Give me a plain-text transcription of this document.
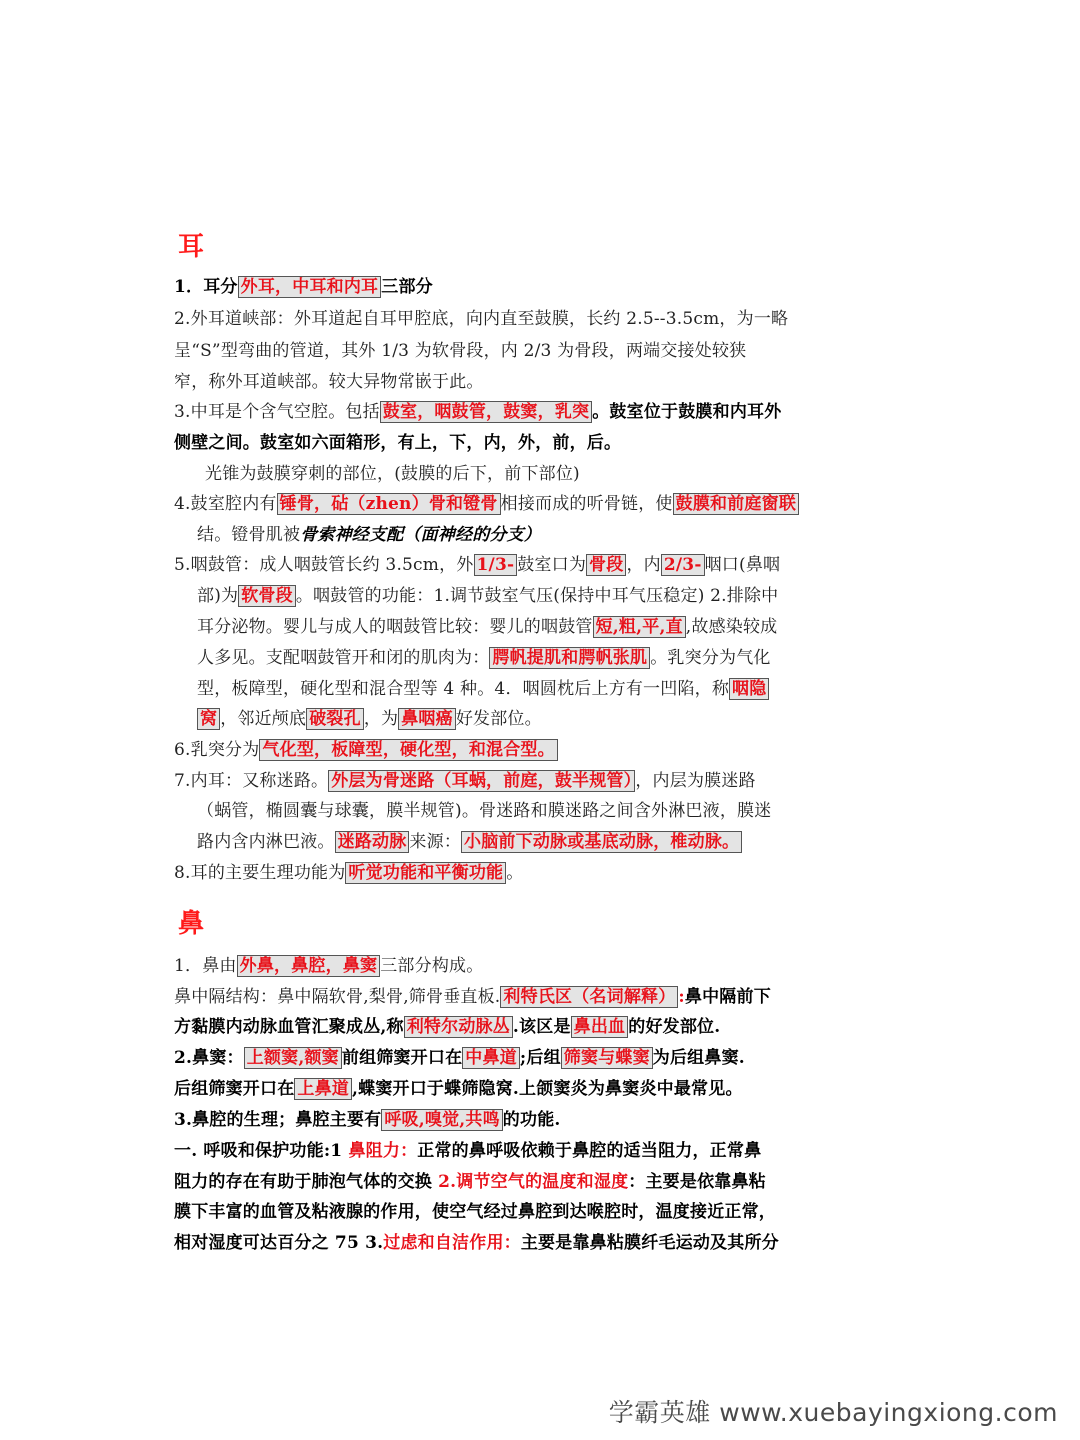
耳
1．耳分 外耳，中耳和内耳 三部分
2.外耳道峡部：外耳道起自耳甲腔底，向内直至鼓膜，长约 2.5--3.5cm，为一略
呈“S”型弯曲的管道，其外 1/3 为软骨段，内 2/3 为骨段，两端交接处较狭
窄，称外耳道峡部。较大异物常嵌于此。
3.中耳是个含气空腔。包括 鼓室，咽鼓管，鼓窦，乳突 。鼓室位于鼓膜和内耳外
侧壁之间。鼓室如六面箱形，有上，下，内，外，前，后。
光锥为鼓膜穿刺的部位，(鼓膜的后下，前下部位)
4.鼓室腔内有 锤骨，砧（zhen）骨和镫骨 相接而成的听骨链，使 鼓膜和前庭窗联
结。镫骨肌被骨索神经支配（面神经的分支）
5.咽鼓管：成人咽鼓管长约 3.5cm，外 1/3- 鼓室口为 骨段 ，内 2/3- 咽口(鼻咽
部)为 软骨段 。咽鼓管的功能：1.调节鼓室气压(保持中耳气压稳定) 2.排除中
耳分泌物。婴儿与成人的咽鼓管比较：婴儿的咽鼓管 短,粗,平,直 ,故感染较成
人多见。支配咽鼓管开和闭的肌肉为： 腭帆提肌和腭帆张肌 。乳突分为气化
型，板障型，硬化型和混合型等 4 种。4．咽圆枕后上方有一凹陷，称 咽隐
窝 ，邻近颅底 破裂孔 ，为 鼻咽癌 好发部位。
6.乳突分为 气化型，板障型，硬化型，和混合型。
7.内耳：又称迷路。 外层为骨迷路（耳蜗，前庭，鼓半规管） ，内层为膜迷路
（蜗管，椭圆囊与球囊，膜半规管)。骨迷路和膜迷路之间含外淋巴液，膜迷
路内含内淋巴液。 迷路动脉 来源： 小脑前下动脉或基底动脉，椎动脉。
8.耳的主要生理功能为 听觉功能和平衡功能 。
鼻
1．鼻由 外鼻，鼻腔，鼻窦 三部分构成。
鼻中隔结构：鼻中隔软骨,梨骨,筛骨垂直板. 利特氏区（名词解释） :鼻中隔前下
方黏膜内动脉血管汇聚成丛,称 利特尔动脉丛 .该区是 鼻出血 的好发部位.
2.鼻窦： 上额窦,额窦 前组筛窦开口在 中鼻道 ;后组 筛窦与蝶窦 为后组鼻窦.
后组筛窦开口在 上鼻道 ,蝶窦开口于蝶筛隐窝.上颌窦炎为鼻窦炎中最常见。
3.鼻腔的生理；鼻腔主要有 呼吸,嗅觉,共鸣 的功能.
一. 呼吸和保护功能:1 鼻阻力：正常的鼻呼吸依赖于鼻腔的适当阻力，正常鼻
阻力的存在有助于肺泡气体的交换 2.调节空气的温度和湿度：主要是依靠鼻粘
膜下丰富的血管及粘液腺的作用，使空气经过鼻腔到达喉腔时，温度接近正常，
相对湿度可达百分之 75 3.过虑和自洁作用：主要是靠鼻粘膜纤毛运动及其所分
学霸英雄 www.xuebayingxiong.com
